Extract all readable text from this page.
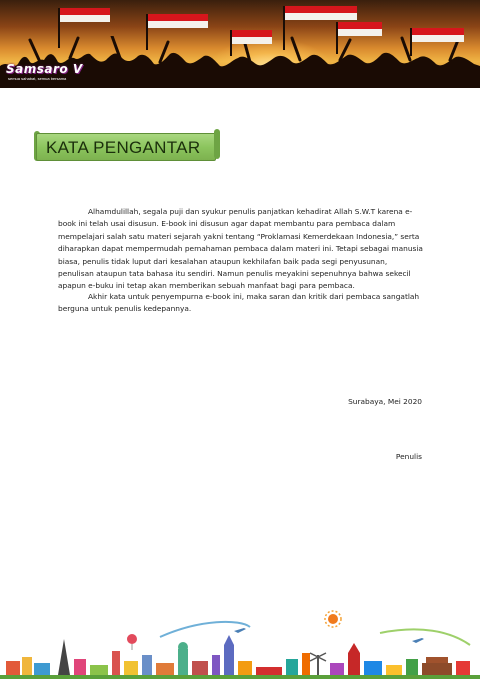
Samsaro V
semua sahabat, semua bersama
KATA PENGANTAR
Alhamdulillah, segala puji dan syukur penulis panjatkan kehadirat Allah S.W.T karena e-book ini telah usai disusun. E-book ini disusun agar dapat membantu para pembaca dalam mempelajari salah satu materi sejarah yakni tentang “Proklamasi Kemerdekaan Indonesia,” serta diharapkan dapat mempermudah pemahaman pembaca dalam materi ini. Tetapi sebagai manusia biasa, penulis tidak luput dari kesalahan ataupun kekhilafan baik pada segi penyusunan, penulisan ataupun tata bahasa itu sendiri. Namun penulis meyakini sepenuhnya bahwa sekecil apapun e-buku ini tetap akan memberikan sebuah manfaat bagi para pembaca.
Akhir kata untuk penyempurna e-book ini, maka saran dan kritik dari pembaca sangatlah berguna untuk penulis kedepannya.
Surabaya, Mei 2020
Penulis
